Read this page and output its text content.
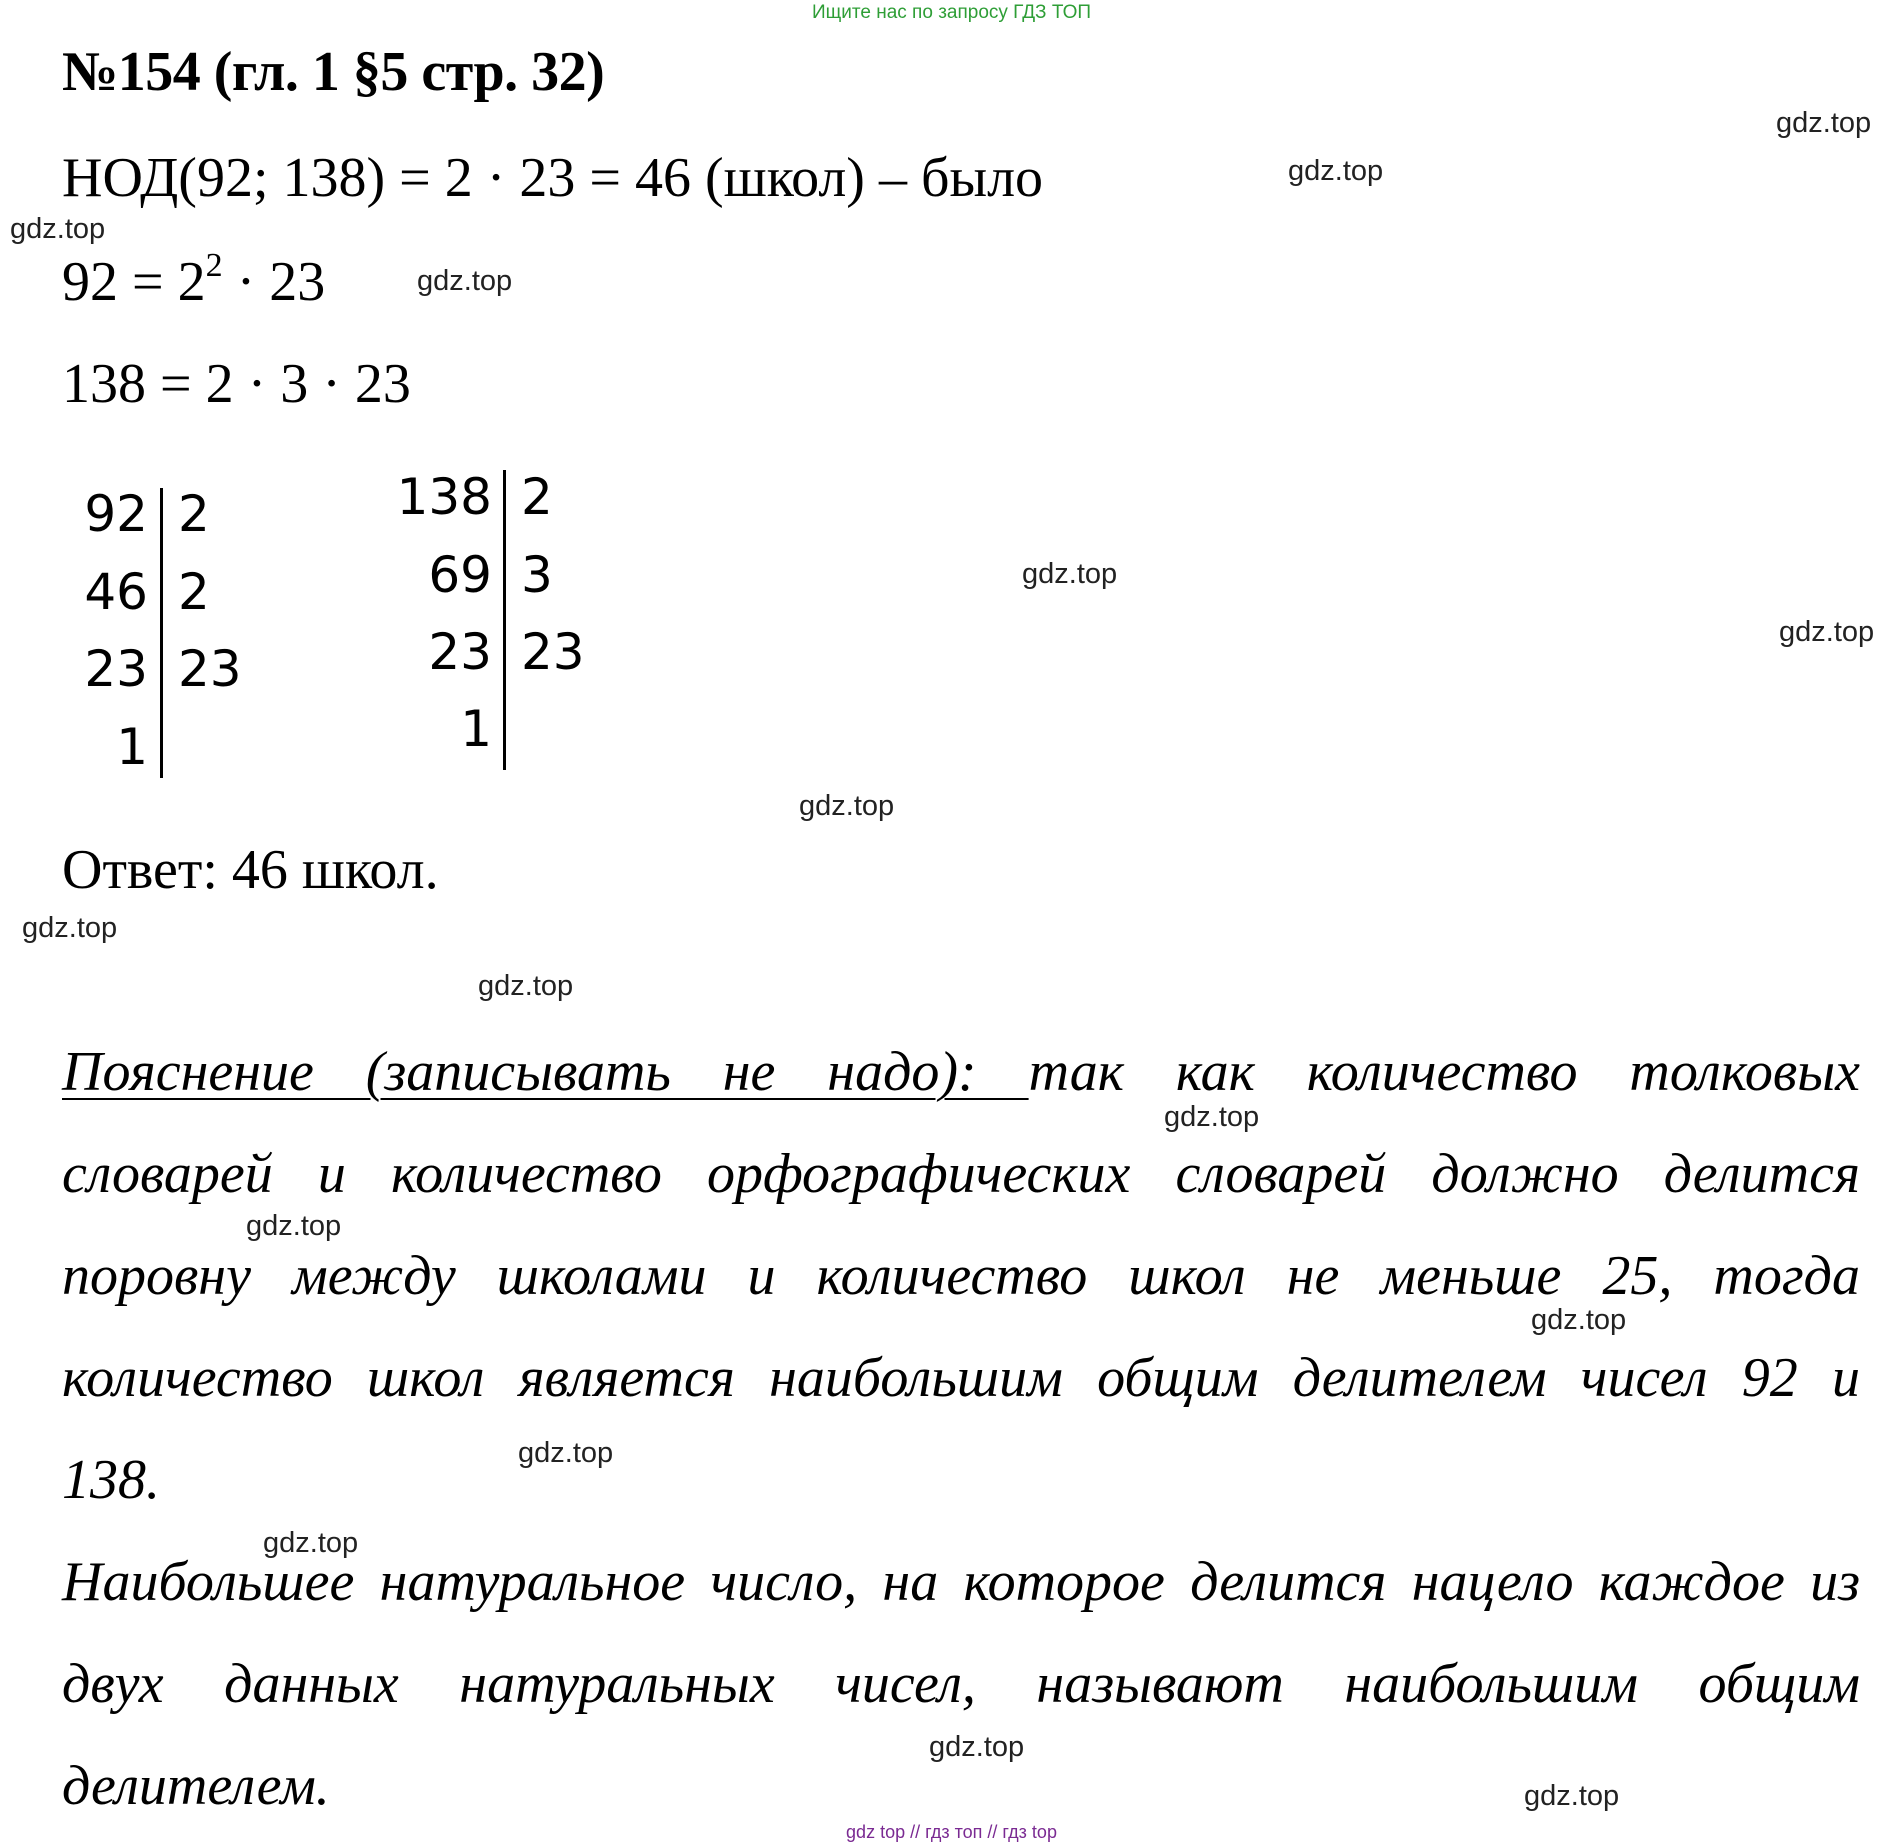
Ищите нас по запросу ГДЗ ТОП
№154 (гл. 1 §5 стр. 32)
НОД(92; 138) = 2 · 23 = 46 (школ) – было
$92 = 2^2 \cdot 23$
138 = 2 · 3 · 23
92 2
46 2
23 23
1
138 2
69 3
23 23
1
Ответ: 46 школ.
Пояснение (записывать не надо): так как количество толковых
словарей и количество орфографических словарей должно делится
поровну между школами и количество школ не меньше 25, тогда
количество школ является наибольшим общим делителем чисел 92 и
138.
Наибольшее натуральное число, на которое делится нацело каждое из
двух данных натуральных чисел, называют наибольшим общим
делителем.
gdz.top
gdz.top
gdz.top
gdz.top
gdz.top
gdz.top
gdz.top
gdz.top
gdz.top
gdz.top
gdz.top
gdz.top
gdz.top
gdz.top
gdz.top
gdz.top
gdz top // гдз топ // гдз top
